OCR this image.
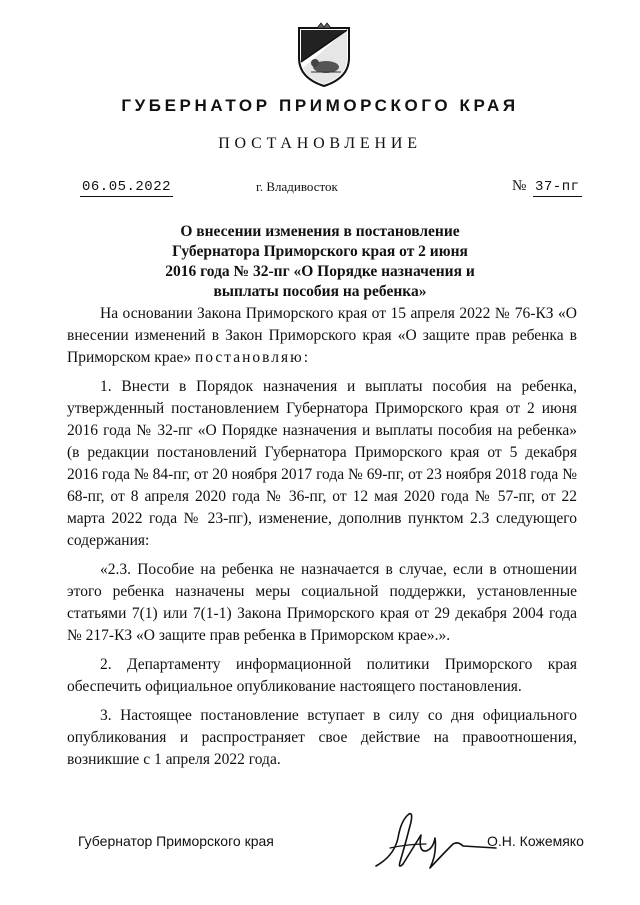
ГУБЕРНАТОР ПРИМОРСКОГО КРАЯ
ПОСТАНОВЛЕНИЕ
06.05.2022	г. Владивосток	№ 37-пг
О внесении изменения в постановление
Губернатора Приморского края от 2 июня
2016 года № 32-пг «О Порядке назначения и
выплаты пособия на ребенка»

На основании Закона Приморского края от 15 апреля 2022 № 76-КЗ «О внесении изменений в Закон Приморского края «О защите прав ребенка в Приморском крае» постановляю:

1. Внести в Порядок назначения и выплаты пособия на ребенка, утвержденный постановлением Губернатора Приморского края от 2 июня 2016 года № 32-пг «О Порядке назначения и выплаты пособия на ребенка» (в редакции постановлений Губернатора Приморского края от 5 декабря 2016 года № 84-пг, от 20 ноября 2017 года № 69-пг, от 23 ноября 2018 года № 68-пг, от 8 апреля 2020 года № 36-пг, от 12 мая 2020 года № 57-пг, от 22 марта 2022 года № 23-пг), изменение, дополнив пунктом 2.3 следующего содержания:

«2.3. Пособие на ребенка не назначается в случае, если в отношении этого ребенка назначены меры социальной поддержки, установленные статьями 7(1) или 7(1-1) Закона Приморского края от 29 декабря 2004 года № 217-КЗ «О защите прав ребенка в Приморском крае».».

2. Департаменту информационной политики Приморского края обеспечить официальное опубликование настоящего постановления.

3. Настоящее постановление вступает в силу со дня официального опубликования и распространяет свое действие на правоотношения, возникшие с 1 апреля 2022 года.

Губернатор Приморского края	О.Н. Кожемяко
